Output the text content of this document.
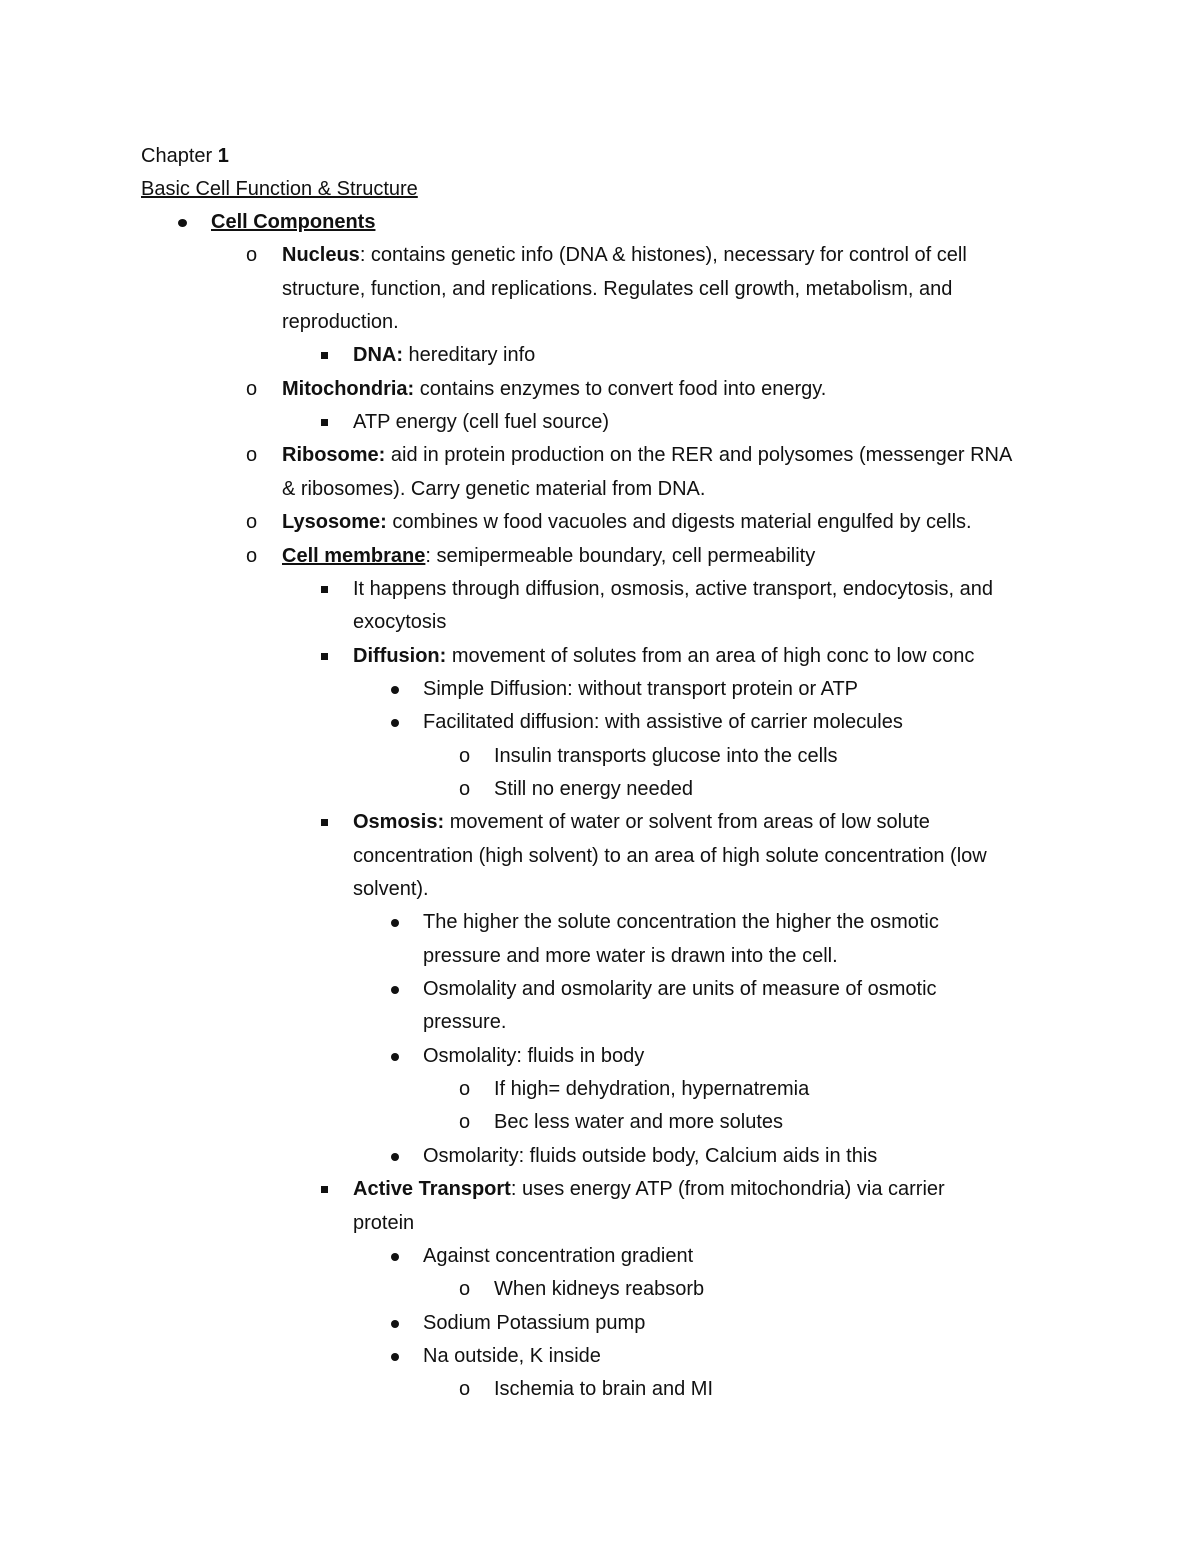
Chapter 1
Basic Cell Function & Structure
Cell Components
o Nucleus: contains genetic info (DNA & histones), necessary for control of cell
structure, function, and replications. Regulates cell growth, metabolism, and
reproduction.
DNA: hereditary info
o Mitochondria: contains enzymes to convert food into energy.
ATP energy (cell fuel source)
o Ribosome: aid in protein production on the RER and polysomes (messenger RNA
& ribosomes). Carry genetic material from DNA.
o Lysosome: combines w food vacuoles and digests material engulfed by cells.
o Cell membrane: semipermeable boundary, cell permeability
It happens through diffusion, osmosis, active transport, endocytosis, and
exocytosis
Diffusion: movement of solutes from an area of high conc to low conc
Simple Diffusion: without transport protein or ATP
Facilitated diffusion: with assistive of carrier molecules
o Insulin transports glucose into the cells
o Still no energy needed
Osmosis: movement of water or solvent from areas of low solute
concentration (high solvent) to an area of high solute concentration (low
solvent).
The higher the solute concentration the higher the osmotic
pressure and more water is drawn into the cell.
Osmolality and osmolarity are units of measure of osmotic
pressure.
Osmolality: fluids in body
o If high= dehydration, hypernatremia
o Bec less water and more solutes
Osmolarity: fluids outside body, Calcium aids in this
Active Transport: uses energy ATP (from mitochondria) via carrier
protein
Against concentration gradient
o When kidneys reabsorb
Sodium Potassium pump
Na outside, K inside
o Ischemia to brain and MI
